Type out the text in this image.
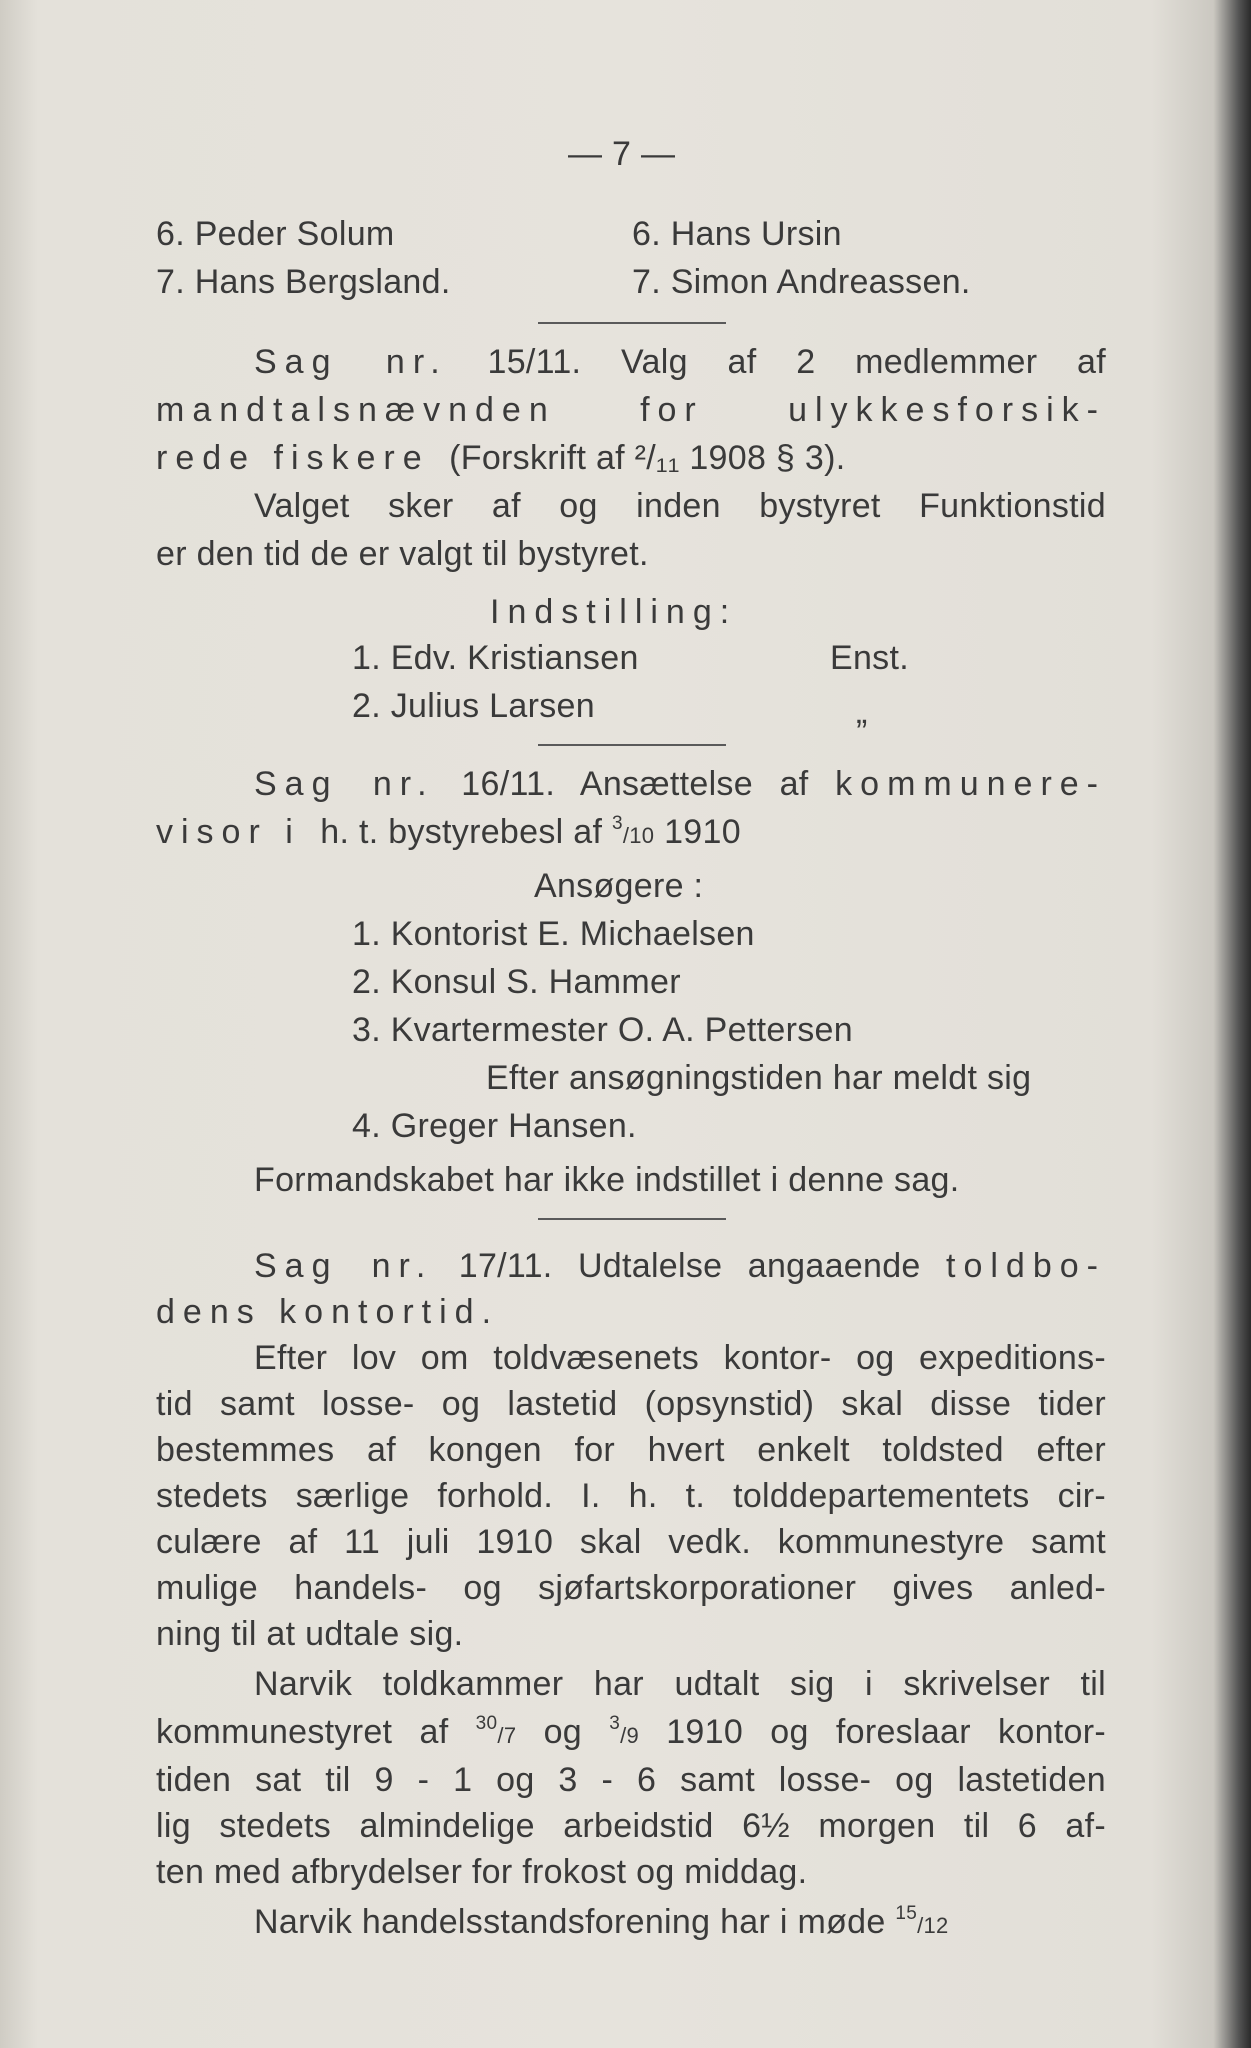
— 7 —
6. Peder Solum
7. Hans Bergsland.
6. Hans Ursin
7. Simon Andreassen.
Sag nr. 15/11. Valg af 2 medlemmer af
mandtalsnævnden for ulykkesforsik-
rede fiskere (Forskrift af ²/₁₁ 1908 § 3).
Valget sker af og inden bystyret Funktionstid
er den tid de er valgt til bystyret.
Indstilling:
1. Edv. Kristiansen	Enst.
2. Julius Larsen	„
Sag nr. 16/11. Ansættelse af kommunere-
visor i h. t. bystyrebesl af $^3$/10 1910
Ansøgere :
1. Kontorist E. Michaelsen
2. Konsul S. Hammer
3. Kvartermester O. A. Pettersen
Efter ansøgningstiden har meldt sig
4. Greger Hansen.
Formandskabet har ikke indstillet i denne sag.
Sag nr. 17/11. Udtalelse angaaende toldbo-
dens kontortid.
Efter lov om toldvæsenets kontor- og expeditions-
tid samt losse- og lastetid (opsynstid) skal disse tider
bestemmes af kongen for hvert enkelt toldsted efter
stedets særlige forhold. I. h. t. tolddepartementets cir-
culære af 11 juli 1910 skal vedk. kommunestyre samt
mulige handels- og sjøfartskorporationer gives anled-
ning til at udtale sig.
Narvik toldkammer har udtalt sig i skrivelser til
kommunestyret af $^{30}$/7 og $^3$/9 1910 og foreslaar kontor-
tiden sat til 9 - 1 og 3 - 6 samt losse- og lastetiden
lig stedets almindelige arbeidstid 6½ morgen til 6 af-
ten med afbrydelser for frokost og middag.
Narvik handelsstandsforening har i møde $^{15}$/12
